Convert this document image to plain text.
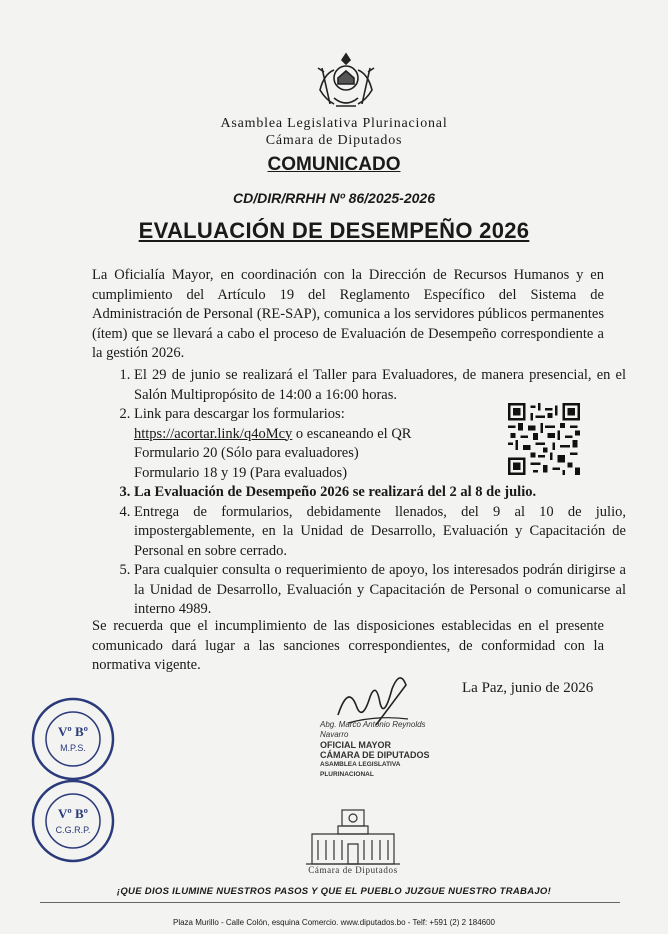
Asamblea Legislativa Plurinacional
Cámara de Diputados
COMUNICADO
CD/DIR/RRHH Nº 86/2025-2026
EVALUACIÓN DE DESEMPEÑO 2026
La Oficialía Mayor, en coordinación con la Dirección de Recursos Humanos y en cumplimiento del Artículo 19 del Reglamento Específico del Sistema de Administración de Personal (RE-SAP), comunica a los servidores públicos permanentes (ítem) que se llevará a cabo el proceso de Evaluación de Desempeño correspondiente a la gestión 2026.
1. El 29 de junio se realizará el Taller para Evaluadores, de manera presencial, en el Salón Multipropósito de 14:00 a 16:00 horas.
2. Link para descargar los formularios:
https://acortar.link/q4oMcy o escaneando el QR
Formulario 20 (Sólo para evaluadores)
Formulario 18 y 19 (Para evaluados)
3. La Evaluación de Desempeño 2026 se realizará del 2 al 8 de julio.
4. Entrega de formularios, debidamente llenados, del 9 al 10 de julio, impostergablemente, en la Unidad de Desarrollo, Evaluación y Capacitación de Personal en sobre cerrado.
5. Para cualquier consulta o requerimiento de apoyo, los interesados podrán dirigirse a la Unidad de Desarrollo, Evaluación y Capacitación de Personal o comunicarse al interno 4989.
Se recuerda que el incumplimiento de las disposiciones establecidas en el presente comunicado dará lugar a las sanciones correspondientes, de conformidad con la normativa vigente.
La Paz, junio de 2026
Abg. Marco Antonio Reynolds Navarro
OFICIAL MAYOR
CÁMARA DE DIPUTADOS
ASAMBLEA LEGISLATIVA PLURINACIONAL
Vº Bº
M.P.S.
Vº Bº
C.G.R.P.
Cámara de Diputados
¡QUE DIOS ILUMINE NUESTROS PASOS Y QUE EL PUEBLO JUZGUE NUESTRO TRABAJO!
Plaza Murillo - Calle Colón, esquina Comercio. www.diputados.bo - Telf: +591 (2) 2 184600
